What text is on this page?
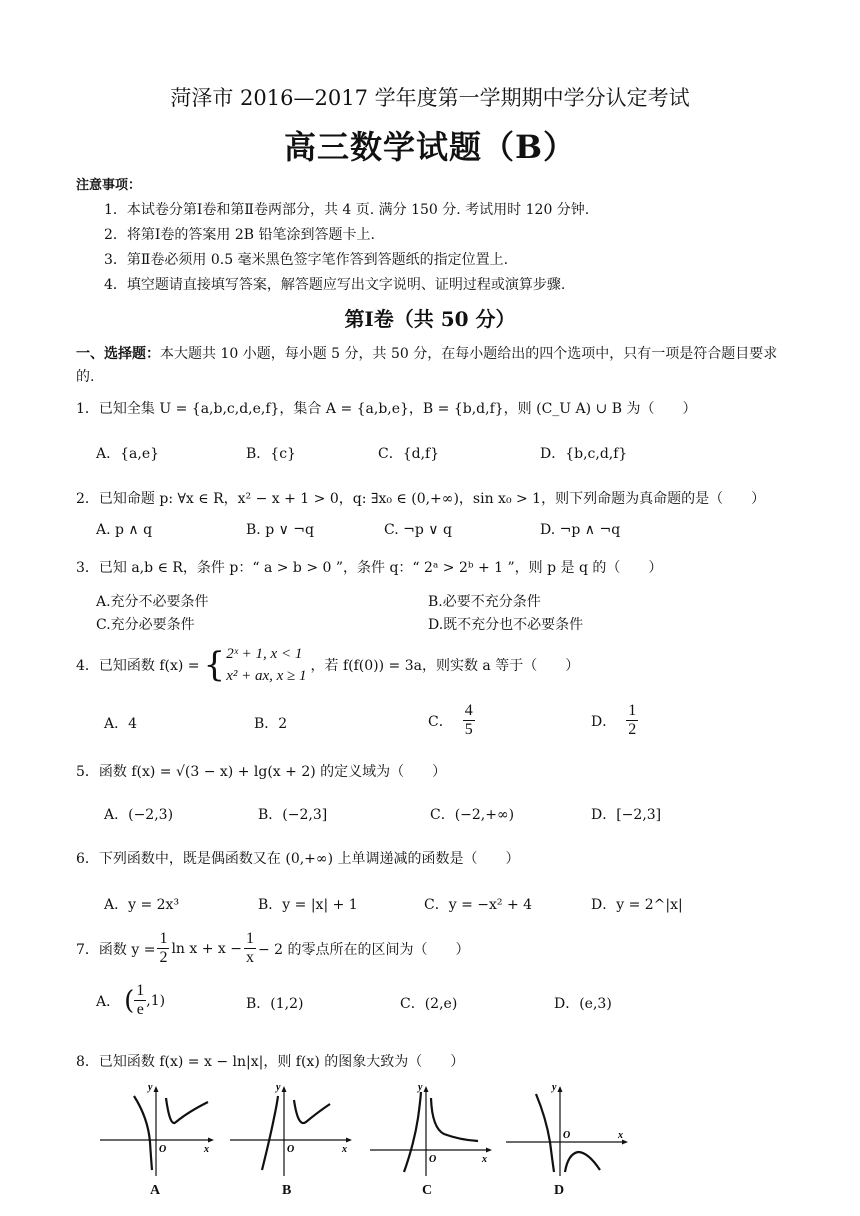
菏泽市 2016—2017 学年度第一学期期中学分认定考试
高三数学试题（B）
注意事项：
1．本试卷分第Ⅰ卷和第Ⅱ卷两部分，共 4 页. 满分 150 分. 考试用时 120 分钟.
2．将第Ⅰ卷的答案用 2B 铅笔涂到答题卡上.
3．第Ⅱ卷必须用 0.5 毫米黑色签字笔作答到答题纸的指定位置上.
4．填空题请直接填写答案，解答题应写出文字说明、证明过程或演算步骤.
第Ⅰ卷（共 50 分）
一、选择题：本大题共 10 小题，每小题 5 分，共 50 分，在每小题给出的四个选项中，只有一项是符合题目要求的.
1．已知全集 U = {a,b,c,d,e,f}，集合 A = {a,b,e}，B = {b,d,f}，则 (C_U A) ∪ B 为（　　）
A．{a,e}	B．{c}	C．{d,f}	D．{b,c,d,f}
2．已知命题 p: ∀x ∈ R，x² − x + 1 > 0，q: ∃x₀ ∈ (0,+∞)，sin x₀ > 1，则下列命题为真命题的是（　　）
A. p ∧ q	B. p ∨ ¬q	C. ¬p ∨ q	D. ¬p ∧ ¬q
3．已知 a,b ∈ R，条件 p：“ a > b > 0 ”，条件 q：“ 2ᵃ > 2ᵇ + 1 ”，则 p 是 q 的（　　）
A.充分不必要条件	B.必要不充分条件
C.充分必要条件	D.既不充分也不必要条件
4．已知函数 f(x) = { 2ˣ + 1, x < 1
x² + ax, x ≥ 1
，若 f(f(0)) = 3a，则实数 a 等于（　　）
A．4	B．2	C． $\frac{4}{5}$	D． $\frac{1}{2}$
5．函数 f(x) = √(3 − x) + lg(x + 2) 的定义域为（　　）
A．(−2,3)	B．(−2,3]	C．(−2,+∞)	D．[−2,3]
6．下列函数中，既是偶函数又在 (0,+∞) 上单调递减的函数是（　　）
A．y = 2x³	B．y = |x| + 1	C．y = −x² + 4	D．y = 2^|x|
7．函数 $y = \frac{1}{2}$ $\ln x + x - \frac{1}{x} - 2$ 的零点所在的区间为（　　）
A． ( $\frac{1}{e} ,1$)	B．(1,2)	C．(2,e)	D．(e,3)
8．已知函数 f(x) = x − ln|x|，则 f(x) 的图象大致为（　　）
y
x
O
A
y
x
O
B
y
x
O
C
y
x
O
D
